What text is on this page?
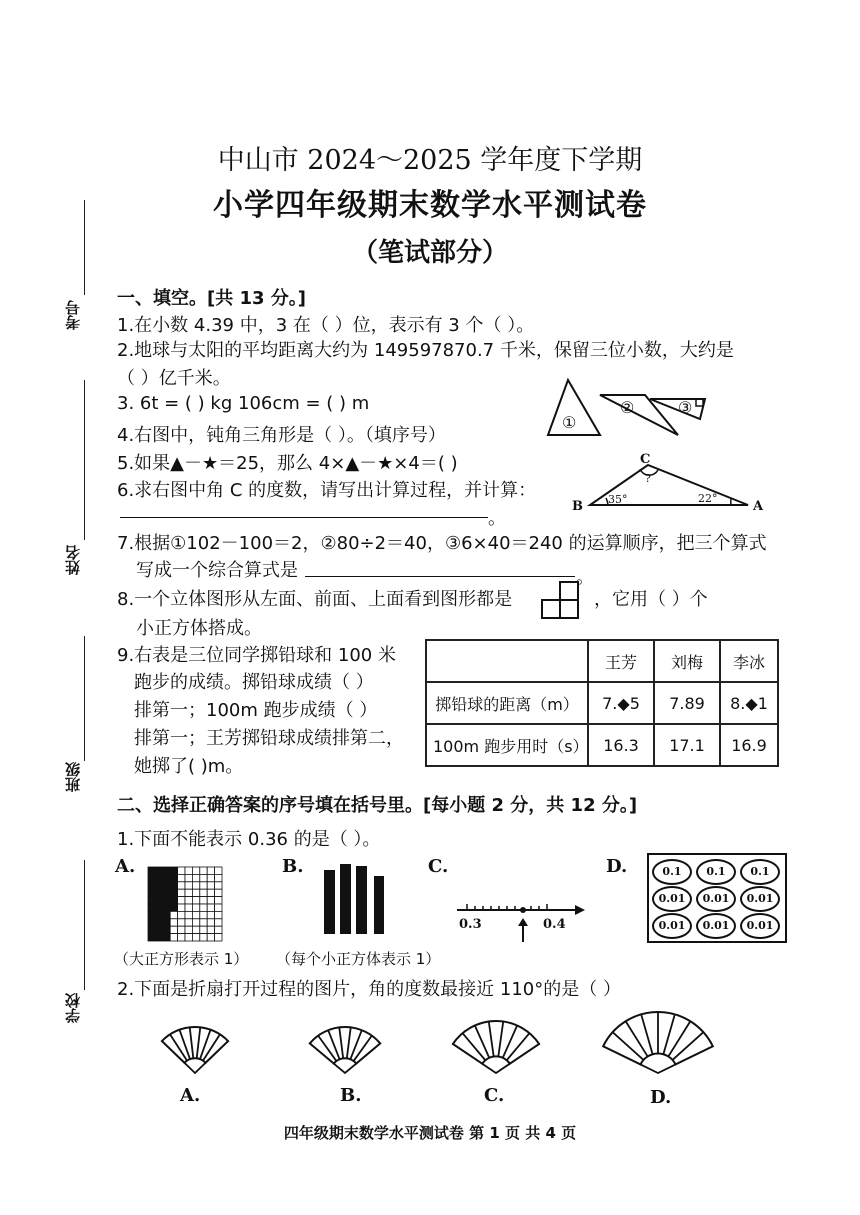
中山市 2024～2025 学年度下学期
小学四年级期末数学水平测试卷
（笔试部分）
考号
姓名
班级
学校
一、填空。[共 13 分。]
1.在小数 4.39 中，3 在（ ）位，表示有 3 个（ ）。
2.地球与太阳的平均距离大约为 149597870.7 千米，保留三位小数，大约是
（ ）亿千米。
3. 6t = ( ) kg 106cm = ( ) m
4.右图中，钝角三角形是（ ）。（填序号）
5.如果▲－★＝25，那么 4×▲－★×4＝( )
6.求右图中角 C 的度数，请写出计算过程，并计算：
。
①
②	③
C
B	A
35°	22°
?
7.根据①102－100＝2，②80÷2＝40，③6×40＝240 的运算顺序，把三个算式
写成一个综合算式是	。
8.一个立体图形从左面、前面、上面看到图形都是	，它用（ ）个
小正方体搭成。
9.右表是三位同学掷铅球和 100 米
跑步的成绩。掷铅球成绩（ ）
排第一；100m 跑步成绩（ ）
排第一；王芳掷铅球成绩排第二，
她掷了( )m。
	王芳	刘梅	李冰
掷铅球的距离（m）	7.◆5	7.89	8.◆1
100m 跑步用时（s）	16.3	17.1	16.9
二、选择正确答案的序号填在括号里。[每小题 2 分，共 12 分。]
1.下面不能表示 0.36 的是（ ）。
A.	B.	C.	D.
（大正方形表示 1） （每个小正方体表示 1）
0.3	0.4
0.1	0.1	0.1
0.01	0.01	0.01
0.01	0.01	0.01
2.下面是折扇打开过程的图片，角的度数最接近 110°的是（ ）
A.	B.	C.	D.
四年级期末数学水平测试卷 第 1 页 共 4 页
